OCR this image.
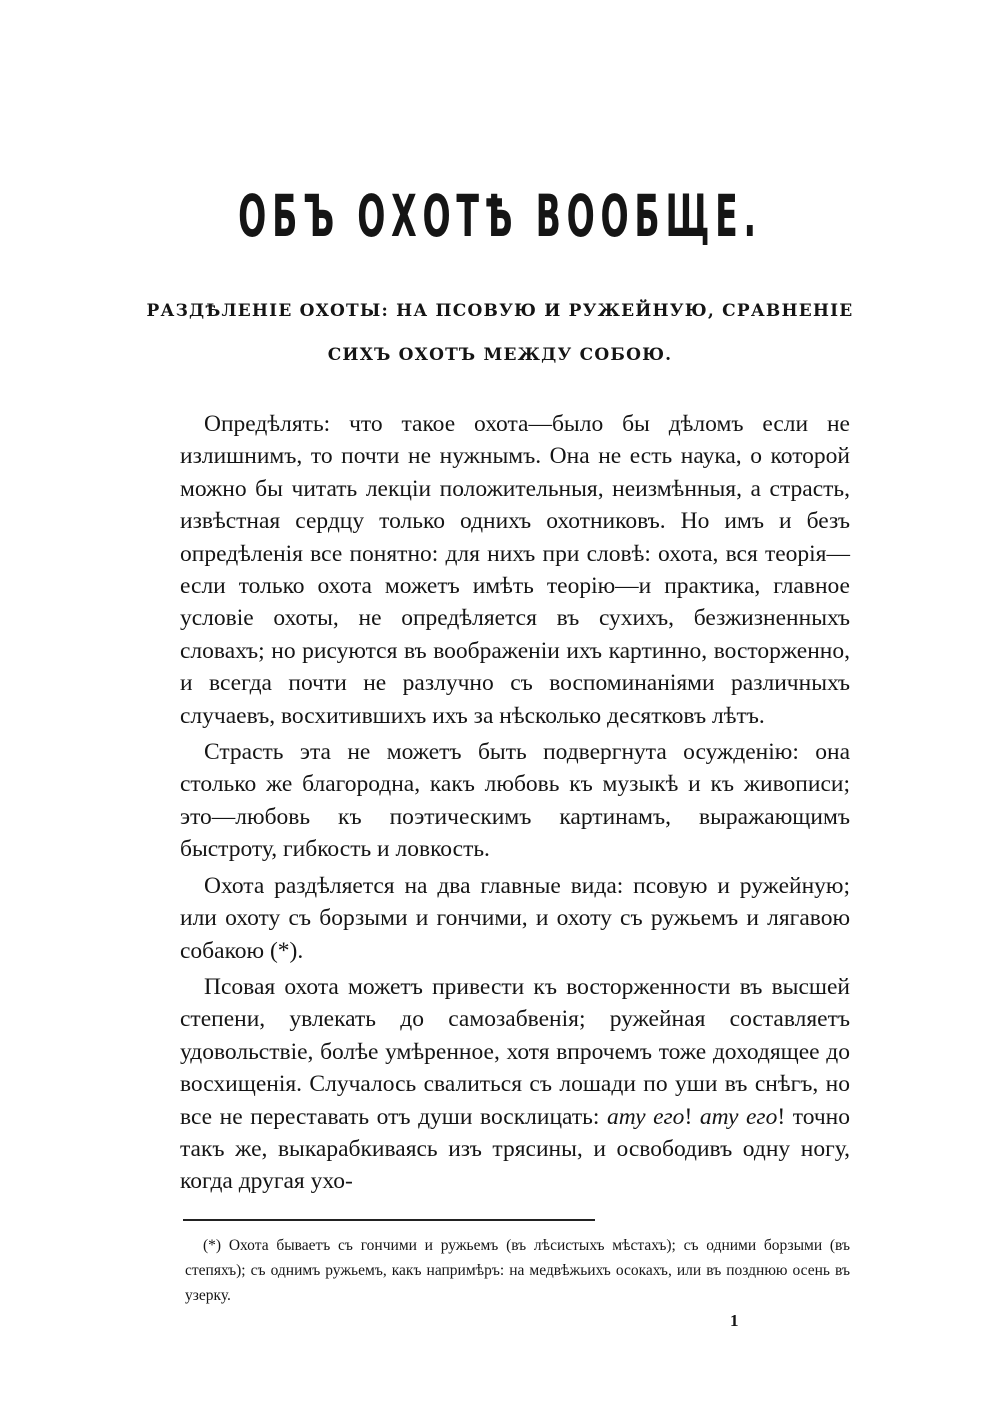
ОБЪ ОХОТѢ ВООБЩЕ.
РАЗДѢЛЕНІЕ ОХОТЫ: НА ПСОВУЮ И РУЖЕЙНУЮ, СРАВНЕНІЕ
СИХЪ ОХОТЪ МЕЖДУ СОБОЮ.

Опредѣлять: что такое охота—было бы дѣломъ если не излишнимъ, то почти не нужнымъ. Она не есть наука, о которой можно бы читать лекціи положительныя, неизмѣнныя, а страсть, извѣстная сердцу только однихъ охотниковъ. Но имъ и безъ опредѣленія все понятно: для нихъ при словѣ: охота, вся теорія—если только охота можетъ имѣть теорію—и практика, главное условіе охоты, не опредѣляется въ сухихъ, безжизненныхъ словахъ; но рисуются въ воображеніи ихъ картинно, восторженно, и всегда почти не разлучно съ воспоминаніями различныхъ случаевъ, восхитившихъ ихъ за нѣсколько десятковъ лѣтъ.

Страсть эта не можетъ быть подвергнута осужденію: она столько же благородна, какъ любовь къ музыкѣ и къ живописи; это—любовь къ поэтическимъ картинамъ, выражающимъ быстроту, гибкость и ловкость.

Охота раздѣляется на два главные вида: псовую и ружейную; или охоту съ борзыми и гончими, и охоту съ ружьемъ и лягавою собакою (*).

Псовая охота можетъ привести къ восторженности въ высшей степени, увлекать до самозабвенія; ружейная составляетъ удовольствіе, болѣе умѣренное, хотя впрочемъ тоже доходящее до восхищенія. Случалось свалиться съ лошади по уши въ снѣгъ, но все не переставать отъ души восклицать: ату его! ату его! точно такъ же, выкарабкиваясь изъ трясины, и освободивъ одну ногу, когда другая ухо-

(*) Охота бываетъ съ гончими и ружьемъ (въ лѣсистыхъ мѣстахъ); съ одними борзыми (въ степяхъ); съ однимъ ружьемъ, какъ напримѣръ: на медвѣжьихъ осокахъ, или въ позднюю осень въ узерку.
1
